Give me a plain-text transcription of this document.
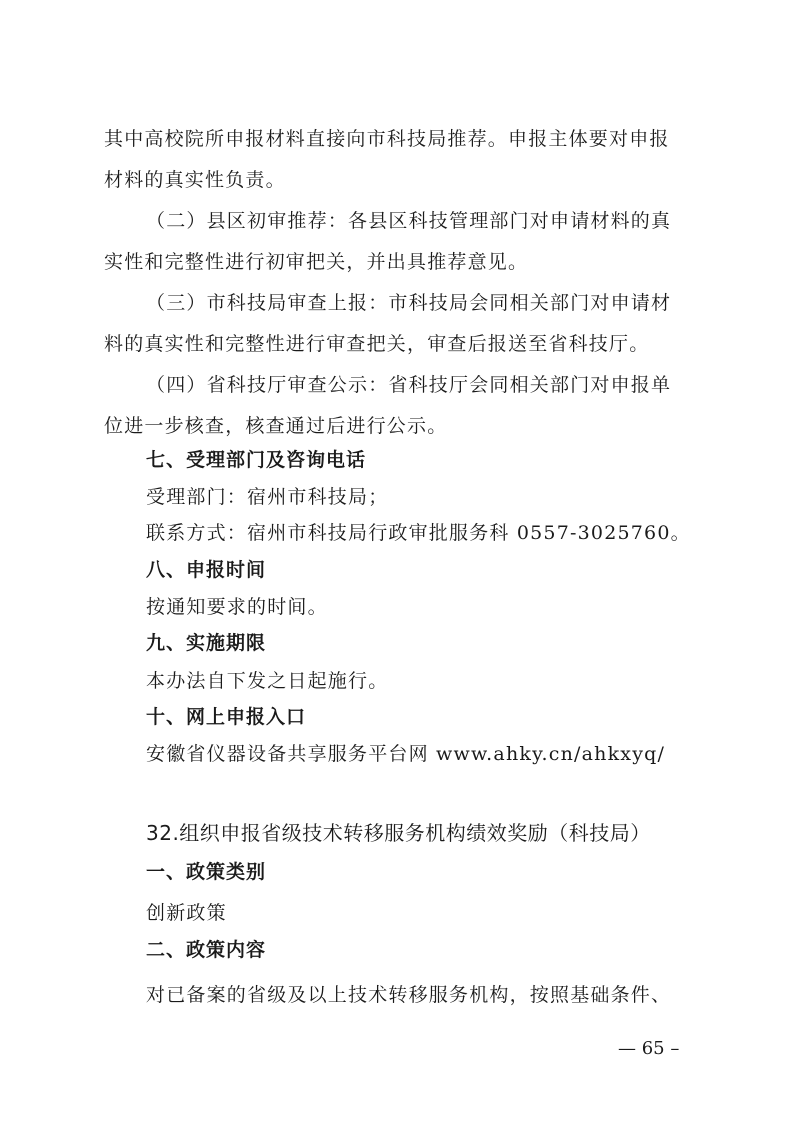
其中高校院所申报材料直接向市科技局推荐。申报主体要对申报
材料的真实性负责。
（二）县区初审推荐：各县区科技管理部门对申请材料的真
实性和完整性进行初审把关，并出具推荐意见。
（三）市科技局审查上报：市科技局会同相关部门对申请材
料的真实性和完整性进行审查把关，审查后报送至省科技厅。
（四）省科技厅审查公示：省科技厅会同相关部门对申报单
位进一步核查，核查通过后进行公示。
七、受理部门及咨询电话
受理部门：宿州市科技局；
联系方式：宿州市科技局行政审批服务科 0557-3025760。
八、申报时间
按通知要求的时间。
九、实施期限
本办法自下发之日起施行。
十、网上申报入口
安徽省仪器设备共享服务平台网 www.ahky.cn/ahkxyq/
32.组织申报省级技术转移服务机构绩效奖励（科技局）
一、政策类别
创新政策
二、政策内容
对已备案的省级及以上技术转移服务机构，按照基础条件、
— 65 –
